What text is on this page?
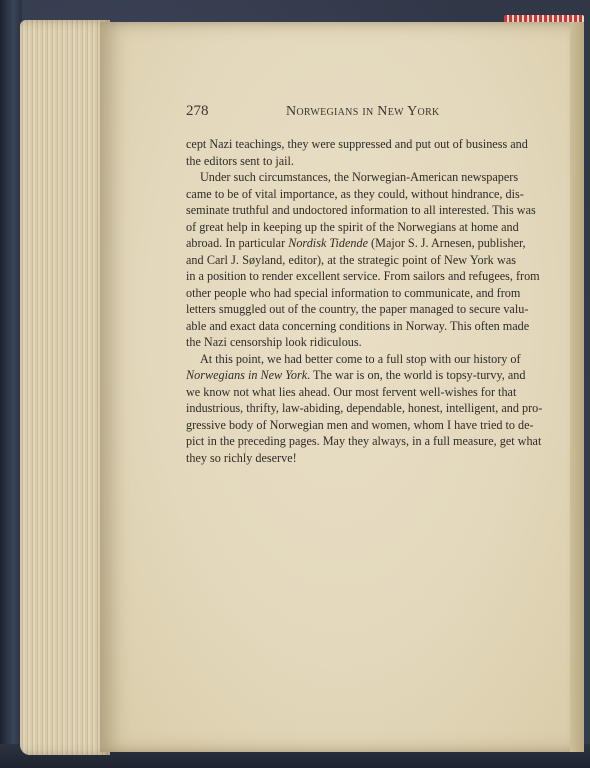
278	Norwegians in New York
cept Nazi teachings, they were suppressed and put out of business and
the editors sent to jail.
Under such circumstances, the Norwegian-American newspapers
came to be of vital importance, as they could, without hindrance, dis-
seminate truthful and undoctored information to all interested. This was
of great help in keeping up the spirit of the Norwegians at home and
abroad. In particular Nordisk Tidende (Major S. J. Arnesen, publisher,
and Carl J. Søyland, editor), at the strategic point of New York was
in a position to render excellent service. From sailors and refugees, from
other people who had special information to communicate, and from
letters smuggled out of the country, the paper managed to secure valu-
able and exact data concerning conditions in Norway. This often made
the Nazi censorship look ridiculous.
At this point, we had better come to a full stop with our history of
Norwegians in New York. The war is on, the world is topsy-turvy, and
we know not what lies ahead. Our most fervent well-wishes for that
industrious, thrifty, law-abiding, dependable, honest, intelligent, and pro-
gressive body of Norwegian men and women, whom I have tried to de-
pict in the preceding pages. May they always, in a full measure, get what
they so richly deserve!
